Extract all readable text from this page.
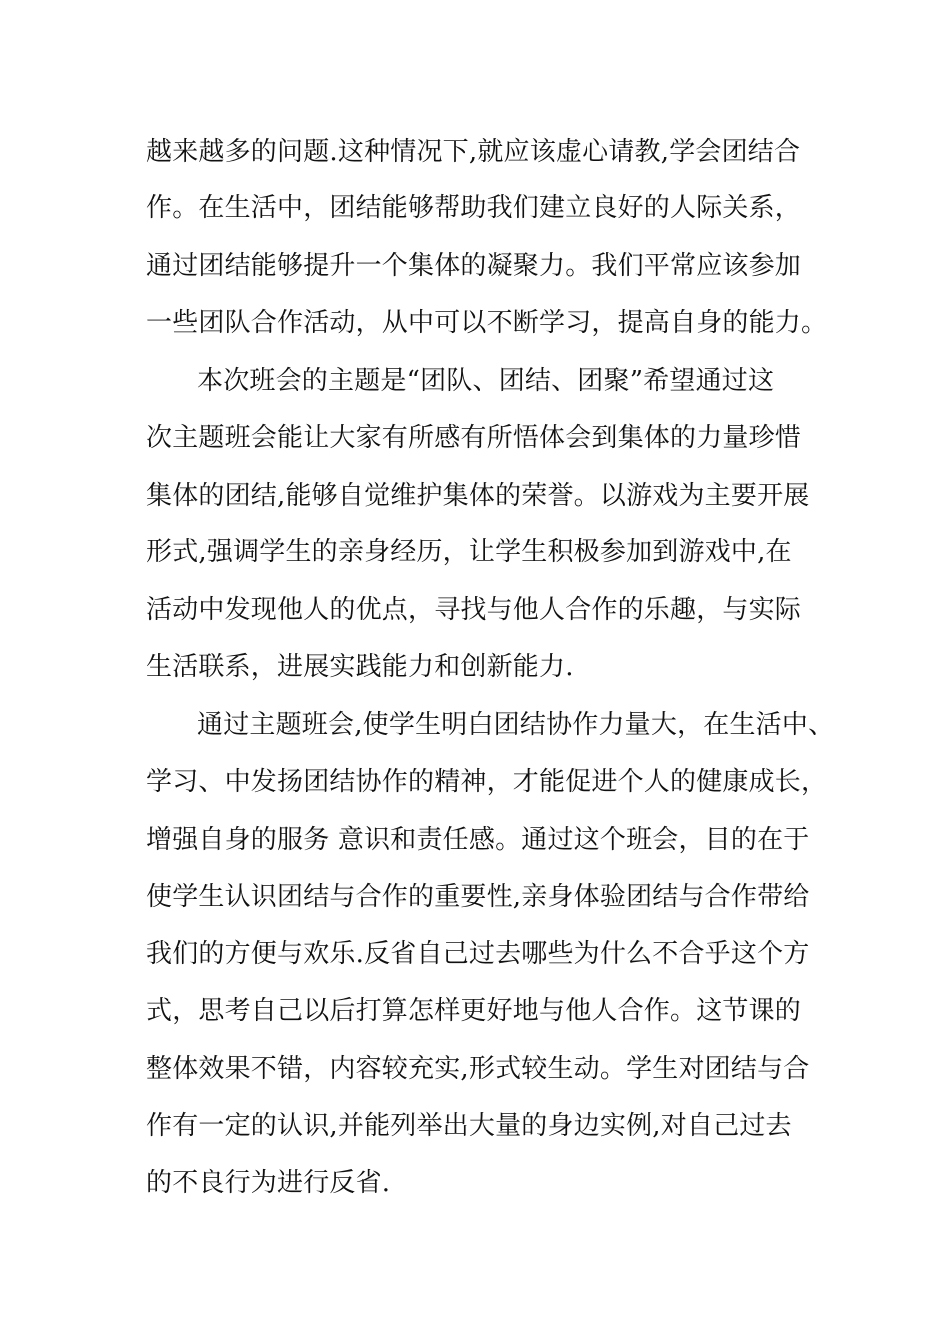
越来越多的问题.这种情况下,就应该虚心请教,学会团结合

作。在生活中，团结能够帮助我们建立良好的人际关系，

通过团结能够提升一个集体的凝聚力。我们平常应该参加

一些团队合作活动，从中可以不断学习，提高自身的能力。

本次班会的主题是“团队、团结、团聚”希望通过这

次主题班会能让大家有所感有所悟体会到集体的力量珍惜

集体的团结,能够自觉维护集体的荣誉。以游戏为主要开展

形式,强调学生的亲身经历，让学生积极参加到游戏中,在

活动中发现他人的优点，寻找与他人合作的乐趣，与实际

生活联系，进展实践能力和创新能力.

通过主题班会,使学生明白团结协作力量大，在生活中、

学习、中发扬团结协作的精神，才能促进个人的健康成长，

增强自身的服务 意识和责任感。通过这个班会，目的在于

使学生认识团结与合作的重要性,亲身体验团结与合作带给

我们的方便与欢乐.反省自己过去哪些为什么不合乎这个方

式，思考自己以后打算怎样更好地与他人合作。这节课的

整体效果不错，内容较充实,形式较生动。学生对团结与合

作有一定的认识,并能列举出大量的身边实例,对自己过去

的不良行为进行反省.
